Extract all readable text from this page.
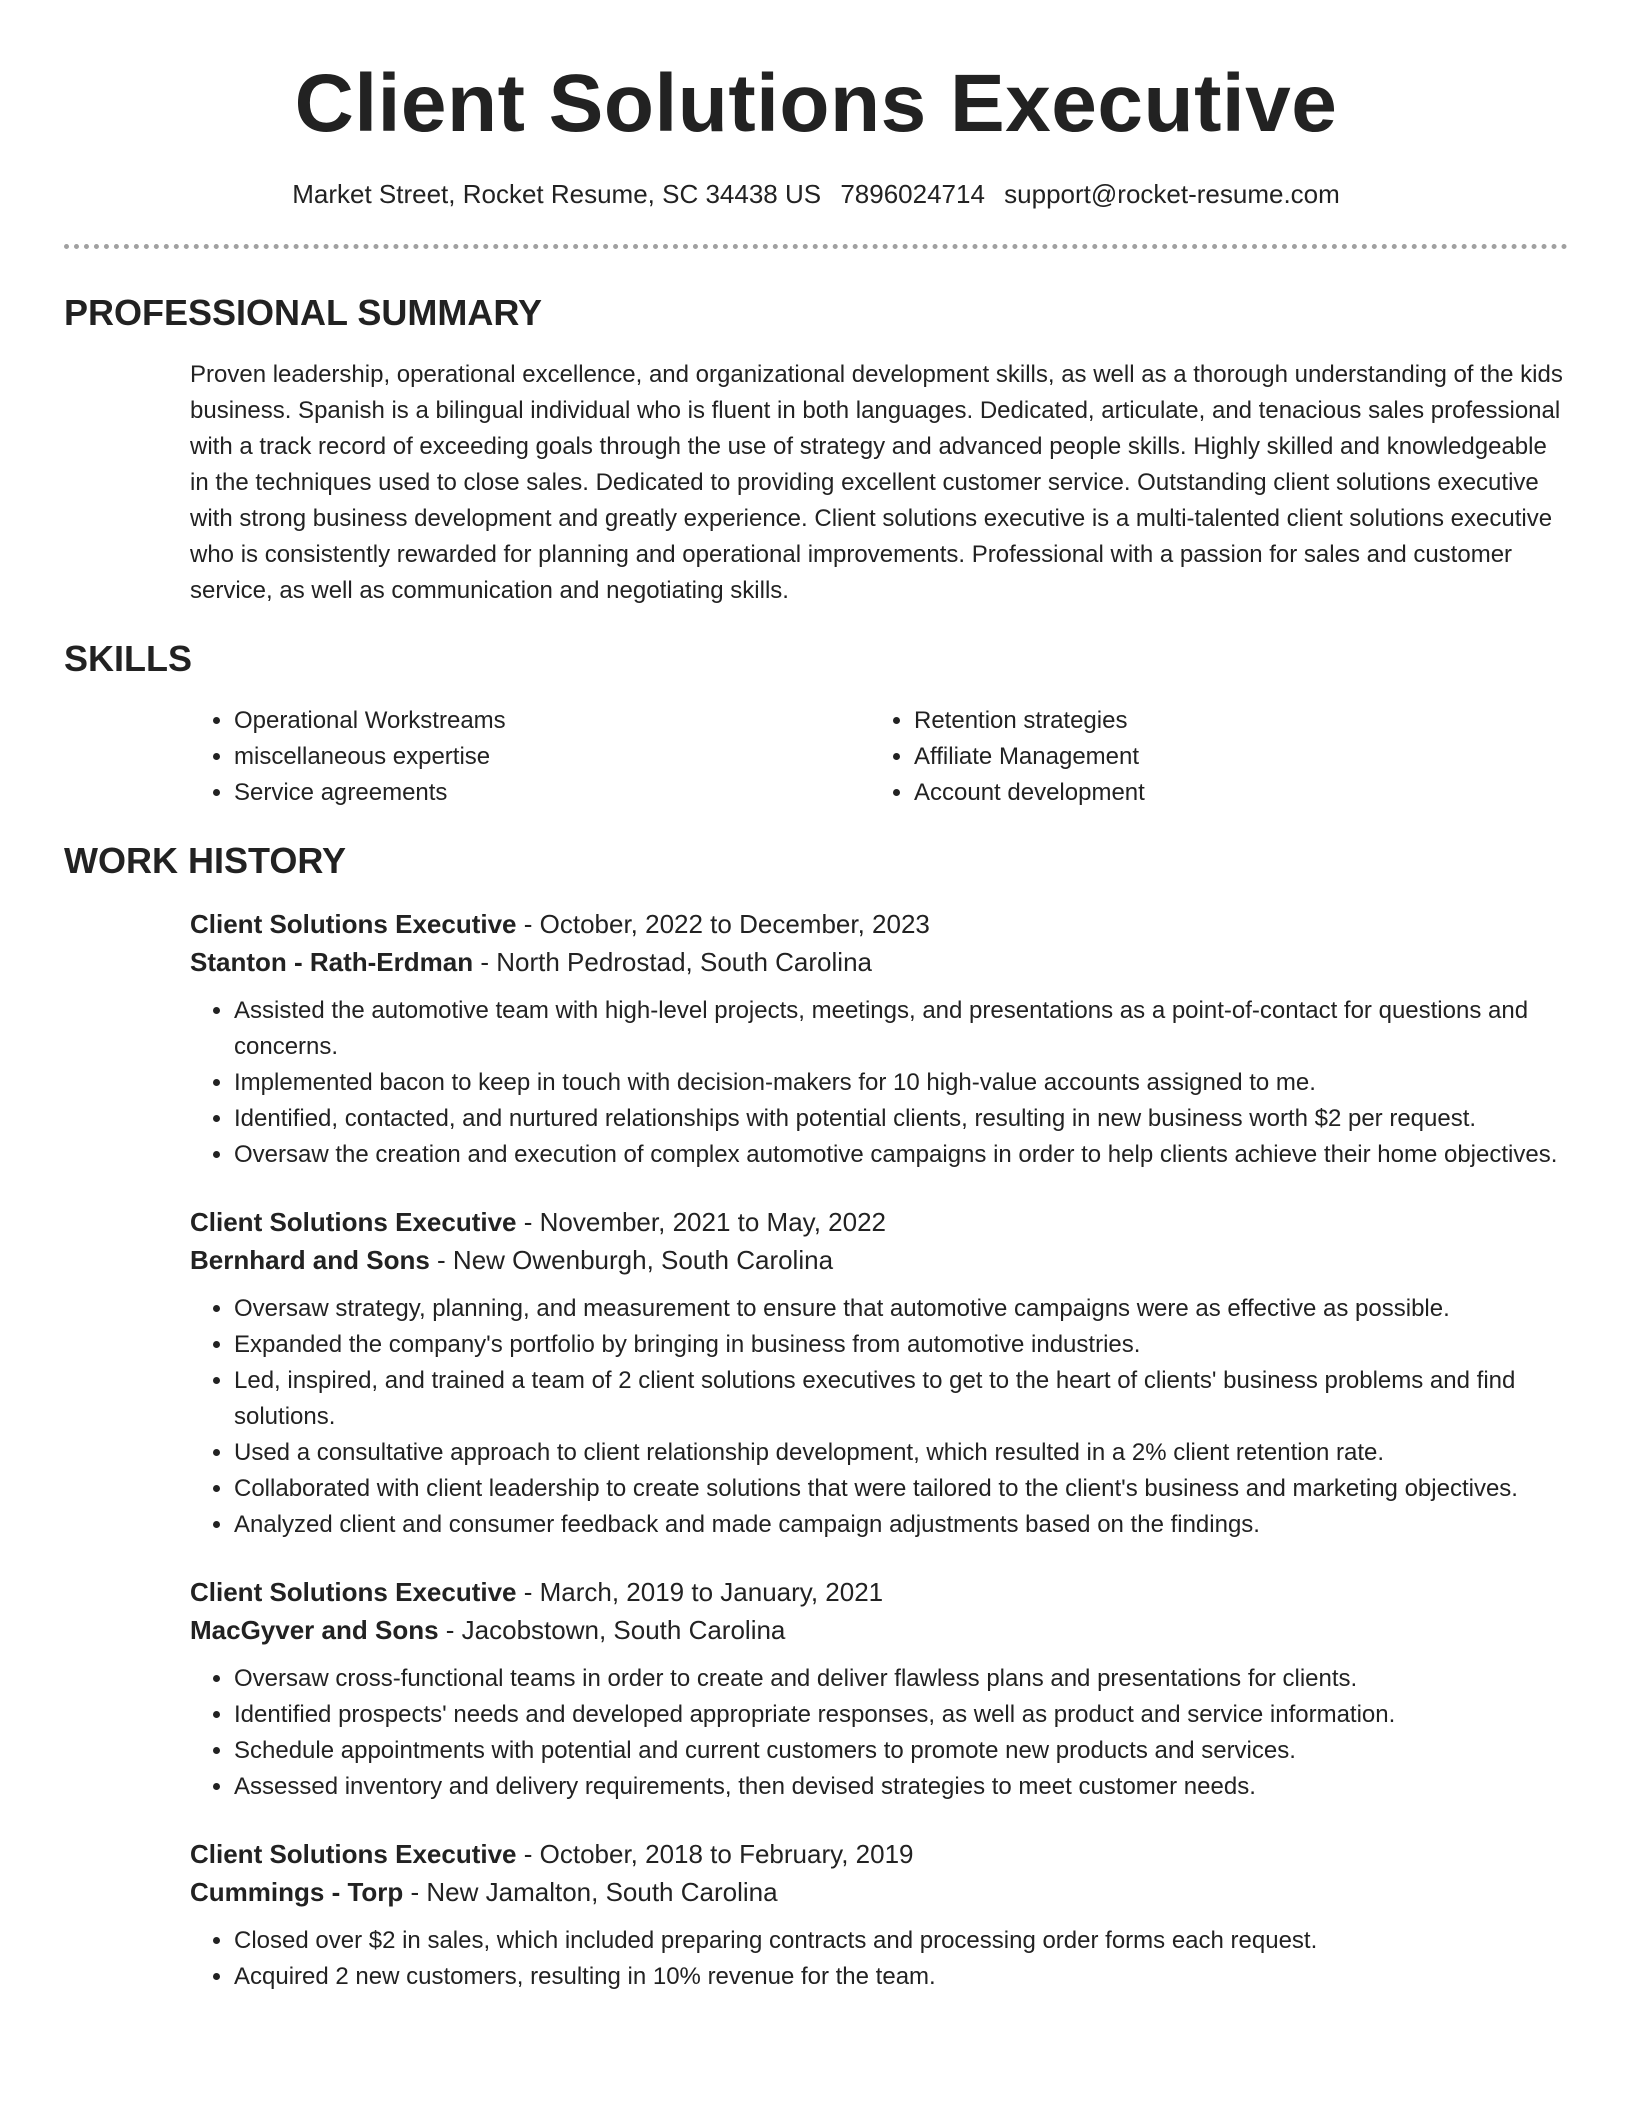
Client Solutions Executive
Market Street, Rocket Resume, SC 34438 US 7896024714 support@rocket-resume.com
PROFESSIONAL SUMMARY
Proven leadership, operational excellence, and organizational development skills, as well as a thorough understanding of the kids business. Spanish is a bilingual individual who is fluent in both languages. Dedicated, articulate, and tenacious sales professional with a track record of exceeding goals through the use of strategy and advanced people skills. Highly skilled and knowledgeable in the techniques used to close sales. Dedicated to providing excellent customer service. Outstanding client solutions executive with strong business development and greatly experience. Client solutions executive is a multi-talented client solutions executive who is consistently rewarded for planning and operational improvements. Professional with a passion for sales and customer service, as well as communication and negotiating skills.
SKILLS
• Operational Workstreams
• miscellaneous expertise
• Service agreements
• Retention strategies
• Affiliate Management
• Account development
WORK HISTORY
Client Solutions Executive - October, 2022 to December, 2023
Stanton - Rath-Erdman - North Pedrostad, South Carolina
• Assisted the automotive team with high-level projects, meetings, and presentations as a point-of-contact for questions and concerns.
• Implemented bacon to keep in touch with decision-makers for 10 high-value accounts assigned to me.
• Identified, contacted, and nurtured relationships with potential clients, resulting in new business worth $2 per request.
• Oversaw the creation and execution of complex automotive campaigns in order to help clients achieve their home objectives.
Client Solutions Executive - November, 2021 to May, 2022
Bernhard and Sons - New Owenburgh, South Carolina
• Oversaw strategy, planning, and measurement to ensure that automotive campaigns were as effective as possible.
• Expanded the company's portfolio by bringing in business from automotive industries.
• Led, inspired, and trained a team of 2 client solutions executives to get to the heart of clients' business problems and find solutions.
• Used a consultative approach to client relationship development, which resulted in a 2% client retention rate.
• Collaborated with client leadership to create solutions that were tailored to the client's business and marketing objectives.
• Analyzed client and consumer feedback and made campaign adjustments based on the findings.
Client Solutions Executive - March, 2019 to January, 2021
MacGyver and Sons - Jacobstown, South Carolina
• Oversaw cross-functional teams in order to create and deliver flawless plans and presentations for clients.
• Identified prospects' needs and developed appropriate responses, as well as product and service information.
• Schedule appointments with potential and current customers to promote new products and services.
• Assessed inventory and delivery requirements, then devised strategies to meet customer needs.
Client Solutions Executive - October, 2018 to February, 2019
Cummings - Torp - New Jamalton, South Carolina
• Closed over $2 in sales, which included preparing contracts and processing order forms each request.
• Acquired 2 new customers, resulting in 10% revenue for the team.
